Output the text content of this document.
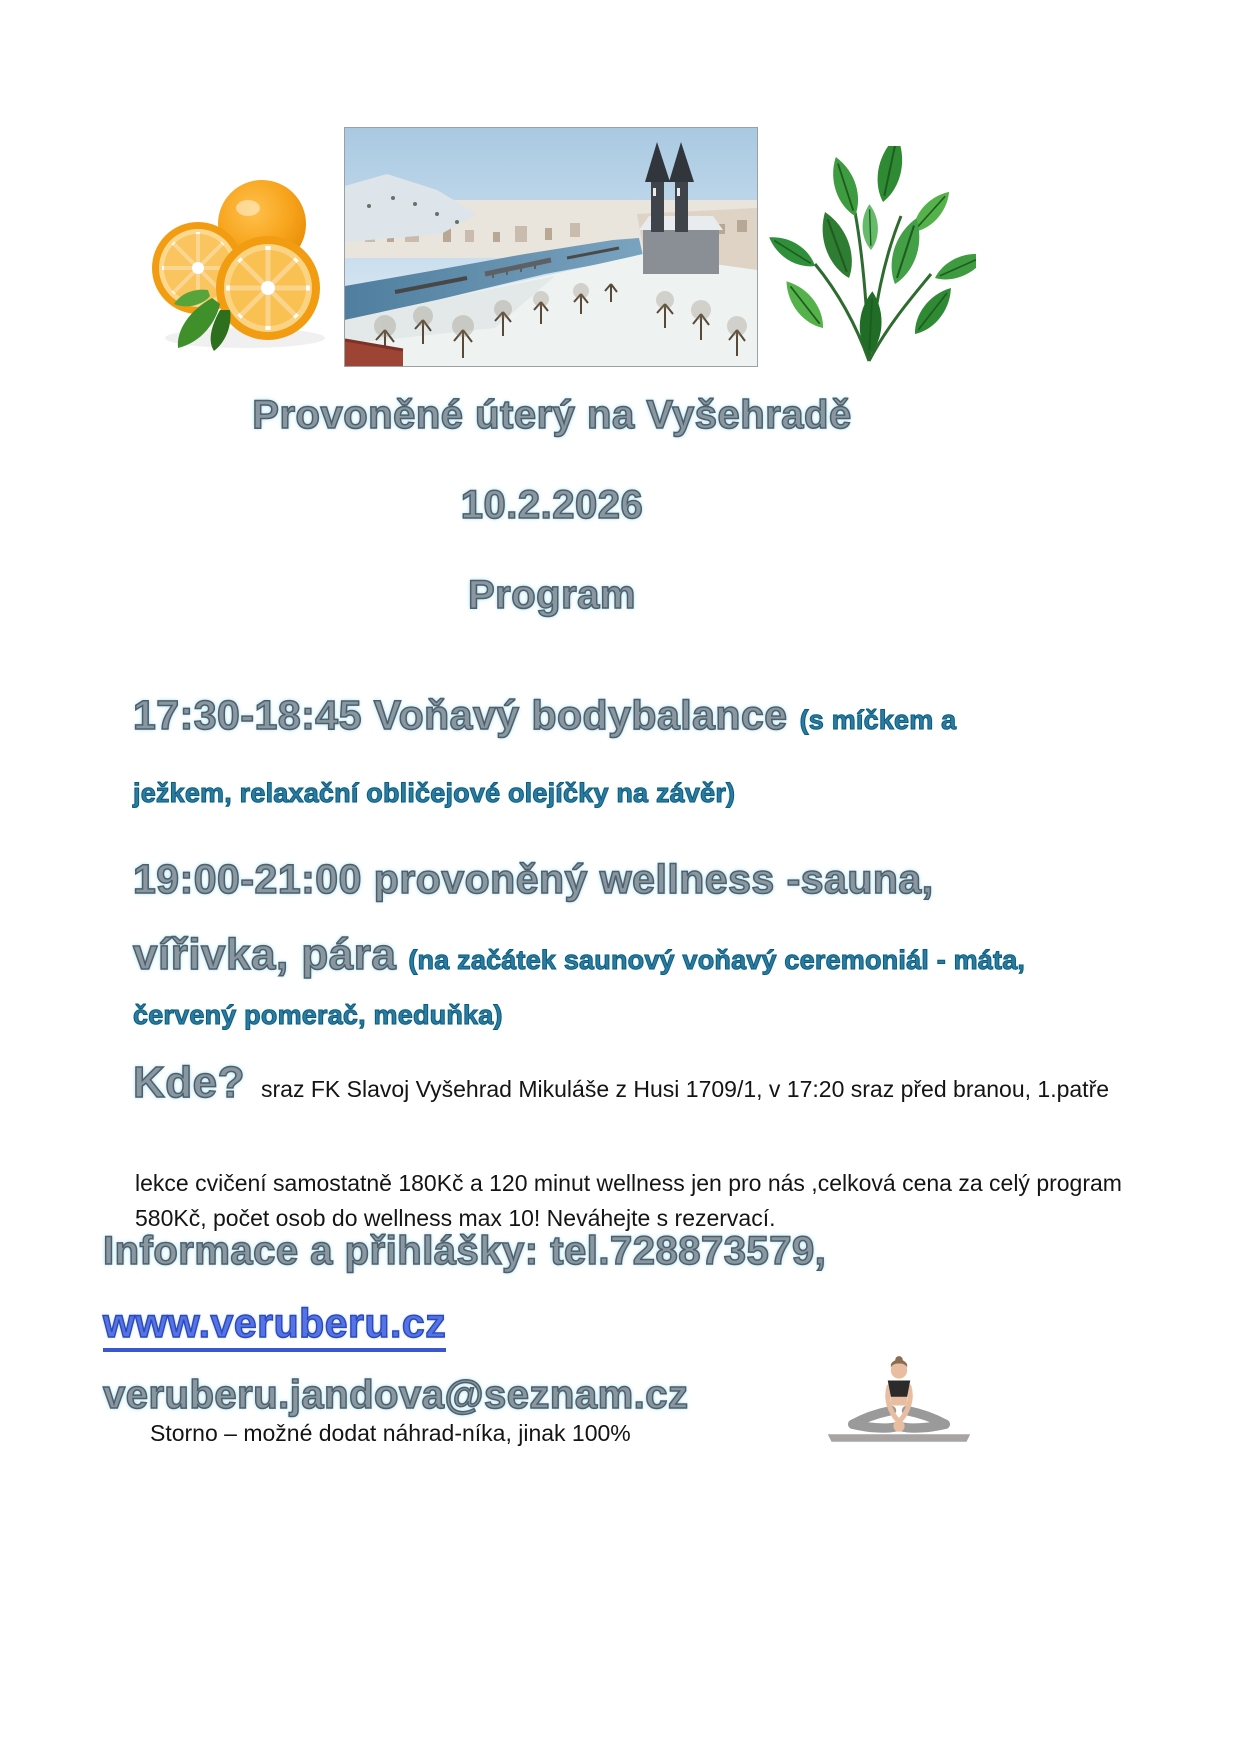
Provoněné úterý na Vyšehradě
10.2.2026
Program
17:30-18:45 Voňavý bodybalance (s míčkem a
ježkem, relaxační obličejové olejíčky na závěr)
19:00-21:00 provoněný wellness -sauna,
vířivka, pára (na začátek saunový voňavý ceremoniál - máta,
červený pomerač, meduňka)
Kde? sraz FK Slavoj Vyšehrad Mikuláše z Husi 1709/1, v 17:20 sraz před branou, 1.patře
lekce cvičení samostatně 180Kč a 120 minut wellness jen pro nás ,celková cena za celý program 580Kč, počet osob do wellness max 10! Neváhejte s rezervací.
Informace a přihlášky: tel.728873579,
www.veruberu.cz
veruberu.jandova@seznam.cz
Storno – možné dodat náhrad-níka, jinak 100%
